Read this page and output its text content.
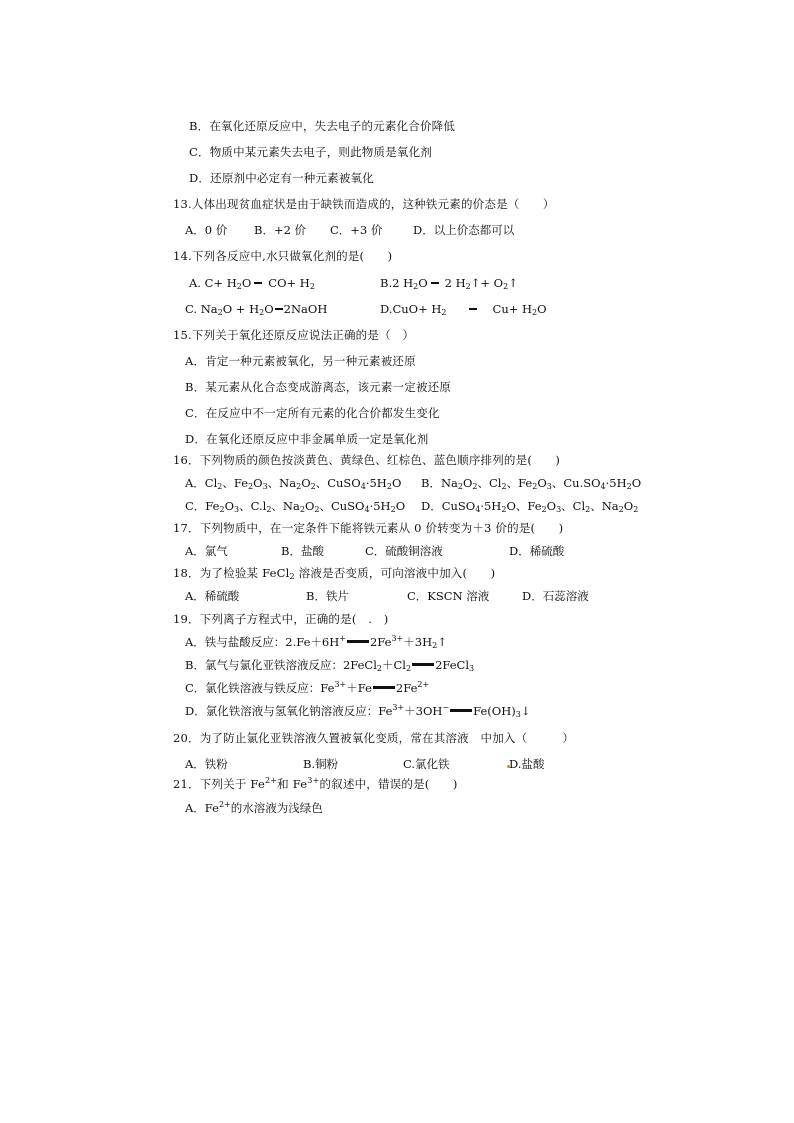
B．在氧化还原反应中，失去电子的元素化合价降低
C．物质中某元素失去电子，则此物质是氧化剂
D．还原剂中必定有一种元素被氧化
13.人体出现贫血症状是由于缺铁而造成的，这种铁元素的价态是（　　）
A．0 价 B．+2 价 C．+3 价	D．以上价态都可以
14.下列各反应中,水只做氧化剂的是(　　)
A. $C+ H_2O$ $CO+ H_2$	B.2 $H_2O$ 2 $H_2↑+$ $O_2↑$
C. $Na_2O + H_2O$ 2NaOH	$D.CuO+ H_2$	$Cu+ H_2O$
15.下列关于氧化还原反应说法正确的是（　）
A．肯定一种元素被氧化，另一种元素被还原
B．某元素从化合态变成游离态，该元素一定被还原
C．在反应中不一定所有元素的化合价都发生变化
D．在氧化还原反应中非金属单质一定是氧化剂
16．下列物质的颜色按淡黄色、黄绿色、红棕色、蓝色顺序排列的是(　　)
A．$Cl_2$、$Fe_2O_3$、$Na_2O_2$、$CuSO_4\cdot 5H_2O$ B．$Na_2O_2$、$Cl_2$、$Fe_2O_3$、$Cu.SO_4\cdot 5H_2O$
C．$Fe_2O_3$、$C.l_2$、$Na_2O_2$、$CuSO_4\cdot 5H_2O$ D．$CuSO_4\cdot 5H_2O$、$Fe_2O_3$、$Cl_2$、$Na_2O_2$
17．下列物质中，在一定条件下能将铁元素从 0 价转变为＋3 价的是(　　)
A．氯气	B．盐酸	C．硫酸铜溶液	D．稀硫酸
18．为了检验某 FeCl$_2$ 溶液是否变质，可向溶液中加入(　　)
A．稀硫酸	B．铁片	C．KSCN 溶液	D．石蕊溶液
19．下列离子方程式中，正确的是(　.　)
A．铁与盐酸反应：2.Fe＋6H+ $2Fe^{3+}+3H_2↑$
B．氯气与氯化亚铁溶液反应：$2FeCl_2+Cl_2$ 2FeCl$_3$
C．氯化铁溶液与铁反应：$Fe^{3+}+Fe$ $2Fe^{2+}$
D．氯化铁溶液与氢氧化钠溶液反应：$Fe^{3+}+3OH^-$ $Fe(OH)_3↓$
20．为了防止氯化亚铁溶液久置被氧化变质，常在其溶液　中加入（　　　）
A．铁粉	B.铜粉	C.氯化铁	D.盐酸
21．下列关于 $Fe^{2+}$和 $Fe^{3+}$的叙述中，错误的是(　　)
A．$Fe^{2+}$的水溶液为浅绿色
